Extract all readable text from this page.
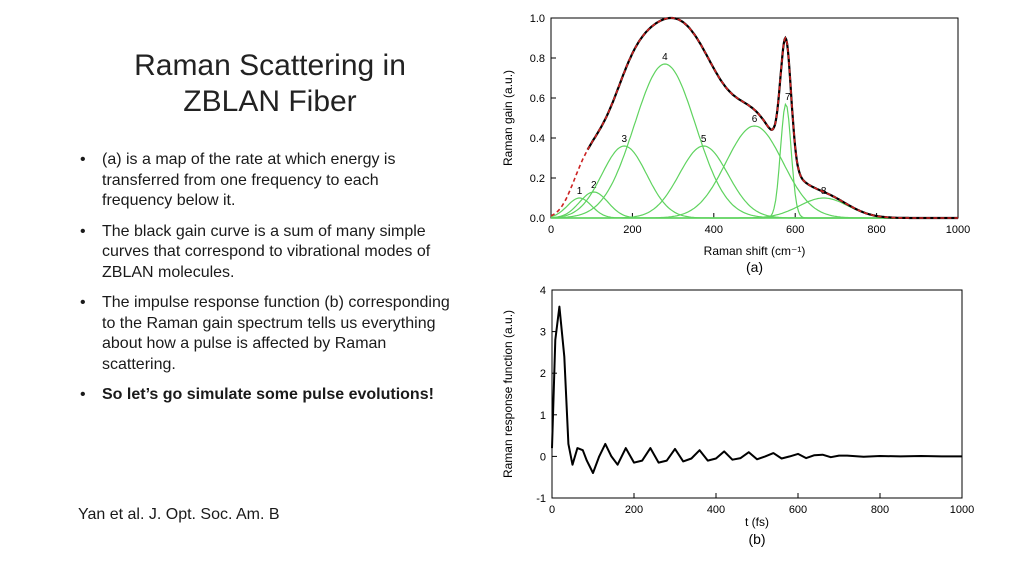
Raman Scattering in
ZBLAN Fiber
• (a) is a map of the rate at which energy is transferred from one frequency to each frequency below it.
• The black gain curve is a sum of many simple curves that correspond to vibrational modes of ZBLAN molecules.
• The impulse response function (b) corresponding to the Raman gain spectrum tells us everything about how a pulse is affected by Raman scattering.
• So let’s go simulate some pulse evolutions!
Yan et al. J. Opt. Soc. Am. B
0	200	400	600	800	1000
0.0
0.2
0.4
0.6
0.8
1.0
Raman shift (cm⁻¹)
Raman gain (a.u.)
(a)
1
2
3
4
5
6
7
8
0	200	400	600	800	1000
-1
0
1
2
3
4
t (fs)
Raman response function (a.u.)
(b)
